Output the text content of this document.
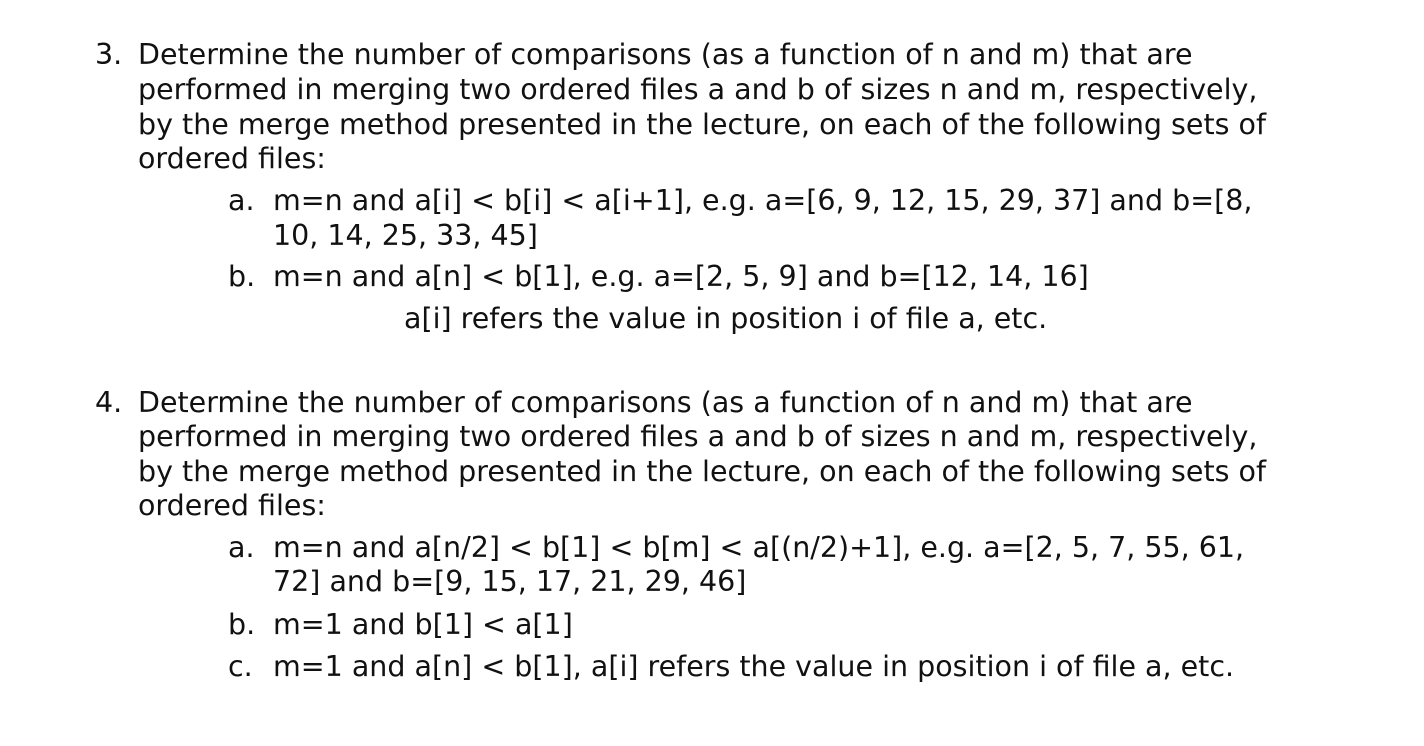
3. Determine the number of comparisons (as a function of n and m) that are

performed in merging two ordered files a and b of sizes n and m, respectively,

by the merge method presented in the lecture, on each of the following sets of

ordered files:

a. m=n and a[i] < b[i] < a[i+1], e.g. a=[6, 9, 12, 15, 29, 37] and b=[8,

10, 14, 25, 33, 45]

b. m=n and a[n] < b[1], e.g. a=[2, 5, 9] and b=[12, 14, 16]

a[i] refers the value in position i of file a, etc.

4. Determine the number of comparisons (as a function of n and m) that are

performed in merging two ordered files a and b of sizes n and m, respectively,

by the merge method presented in the lecture, on each of the following sets of

ordered files:

a. m=n and a[n/2] < b[1] < b[m] < a[(n/2)+1], e.g. a=[2, 5, 7, 55, 61,

72] and b=[9, 15, 17, 21, 29, 46]

b. m=1 and b[1] < a[1]

c. m=1 and a[n] < b[1], a[i] refers the value in position i of file a, etc.
